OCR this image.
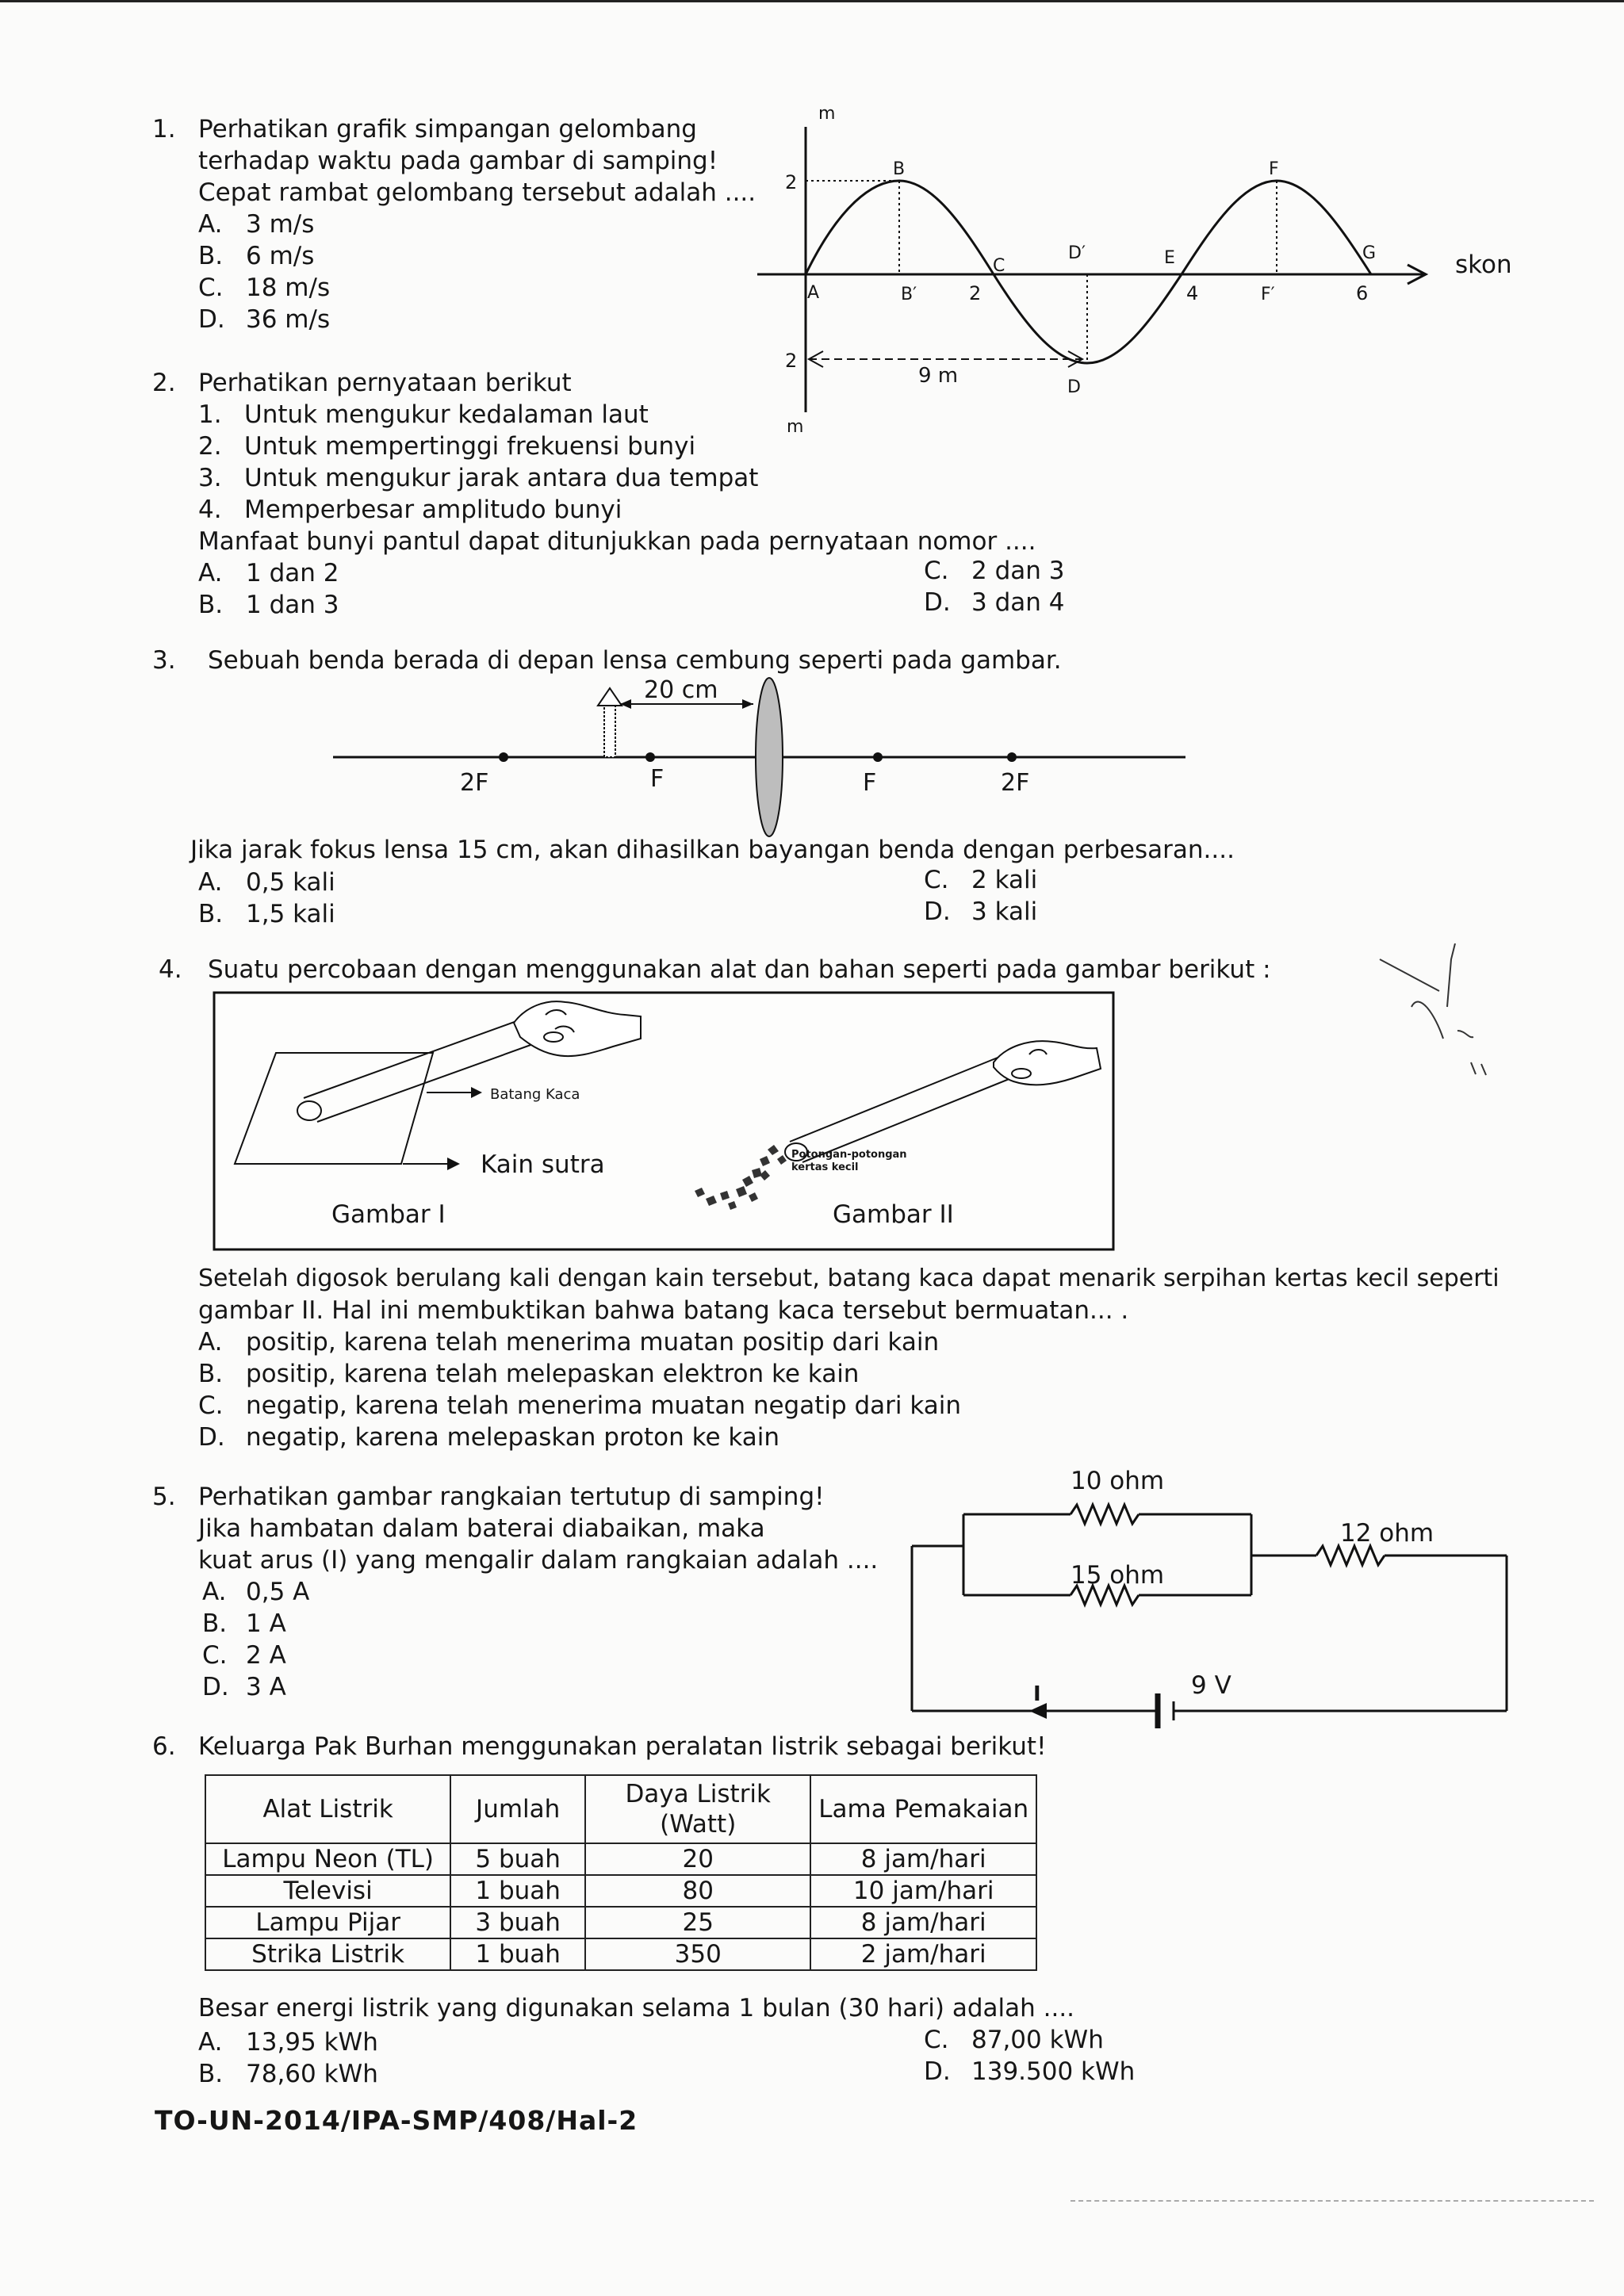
1. Perhatikan grafik simpangan gelombang
terhadap waktu pada gambar di samping!
Cepat rambat gelombang tersebut adalah ....
A. 3 m/s
B. 6 m/s
C. 18 m/s
D. 36 m/s
m
m
2
2
skon
2	4	6
A
B
B′
C
D′
D
E
F
F′
G
9 m
2. Perhatikan pernyataan berikut
1. Untuk mengukur kedalaman laut
2. Untuk mempertinggi frekuensi bunyi
3. Untuk mengukur jarak antara dua tempat
4. Memperbesar amplitudo bunyi
Manfaat bunyi pantul dapat ditunjukkan pada pernyataan nomor ....
A. 1 dan 2
B. 1 dan 3
C. 2 dan 3
D. 3 dan 4
3. Sebuah benda berada di depan lensa cembung seperti pada gambar.
20 cm
2F	F	F	2F
Jika jarak fokus lensa 15 cm, akan dihasilkan bayangan benda dengan perbesaran....
A. 0,5 kali
B. 1,5 kali
C. 2 kali
D. 3 kali
4. Suatu percobaan dengan menggunakan alat dan bahan seperti pada gambar berikut :
Batang Kaca
Kain sutra
Gambar I
Potongan-potongan
kertas kecil
Gambar II
Setelah digosok berulang kali dengan kain tersebut, batang kaca dapat menarik serpihan kertas kecil seperti
gambar II. Hal ini membuktikan bahwa batang kaca tersebut bermuatan... .
A. positip, karena telah menerima muatan positip dari kain
B. positip, karena telah melepaskan elektron ke kain
C. negatip, karena telah menerima muatan negatip dari kain
D. negatip, karena melepaskan proton ke kain
5. Perhatikan gambar rangkaian tertutup di samping!
Jika hambatan dalam baterai diabaikan, maka
kuat arus (I) yang mengalir dalam rangkaian adalah ....
A. 0,5 A
B. 1 A
C. 2 A
D. 3 A
10 ohm
15 ohm
12 ohm
9 V
I
6. Keluarga Pak Burhan menggunakan peralatan listrik sebagai berikut!
Alat Listrik	Jumlah	Daya Listrik (Watt)	Lama Pemakaian
Lampu Neon (TL)	5 buah	20	8 jam/hari
Televisi	1 buah	80	10 jam/hari
Lampu Pijar	3 buah	25	8 jam/hari
Strika Listrik	1 buah	350	2 jam/hari
Besar energi listrik yang digunakan selama 1 bulan (30 hari) adalah ....
A. 13,95 kWh
B. 78,60 kWh
C. 87,00 kWh
D. 139.500 kWh
TO-UN-2014/IPA-SMP/408/Hal-2
